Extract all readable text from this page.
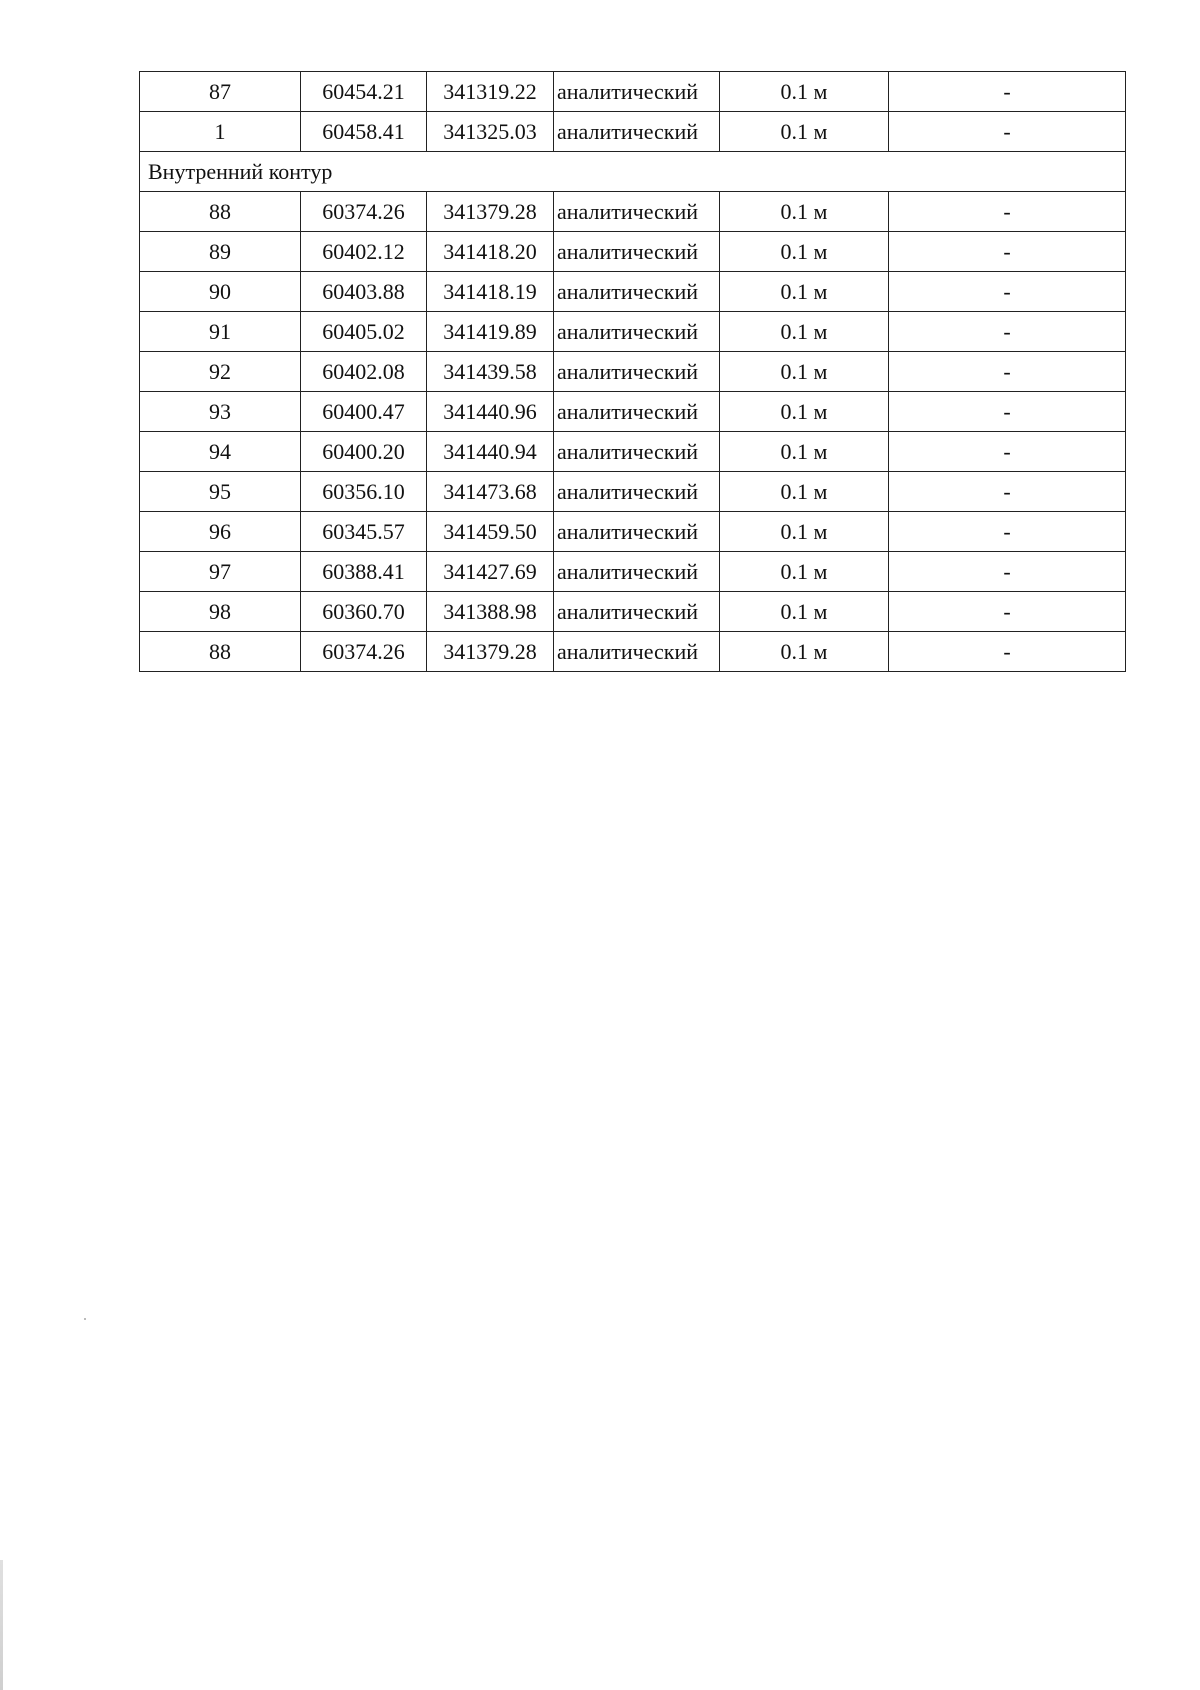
87	60454.21	341319.22	аналитический	0.1 м	-
1	60458.41	341325.03	аналитический	0.1 м	-
Внутренний контур					
88	60374.26	341379.28	аналитический	0.1 м	-
89	60402.12	341418.20	аналитический	0.1 м	-
90	60403.88	341418.19	аналитический	0.1 м	-
91	60405.02	341419.89	аналитический	0.1 м	-
92	60402.08	341439.58	аналитический	0.1 м	-
93	60400.47	341440.96	аналитический	0.1 м	-
94	60400.20	341440.94	аналитический	0.1 м	-
95	60356.10	341473.68	аналитический	0.1 м	-
96	60345.57	341459.50	аналитический	0.1 м	-
97	60388.41	341427.69	аналитический	0.1 м	-
98	60360.70	341388.98	аналитический	0.1 м	-
88	60374.26	341379.28	аналитический	0.1 м	-
